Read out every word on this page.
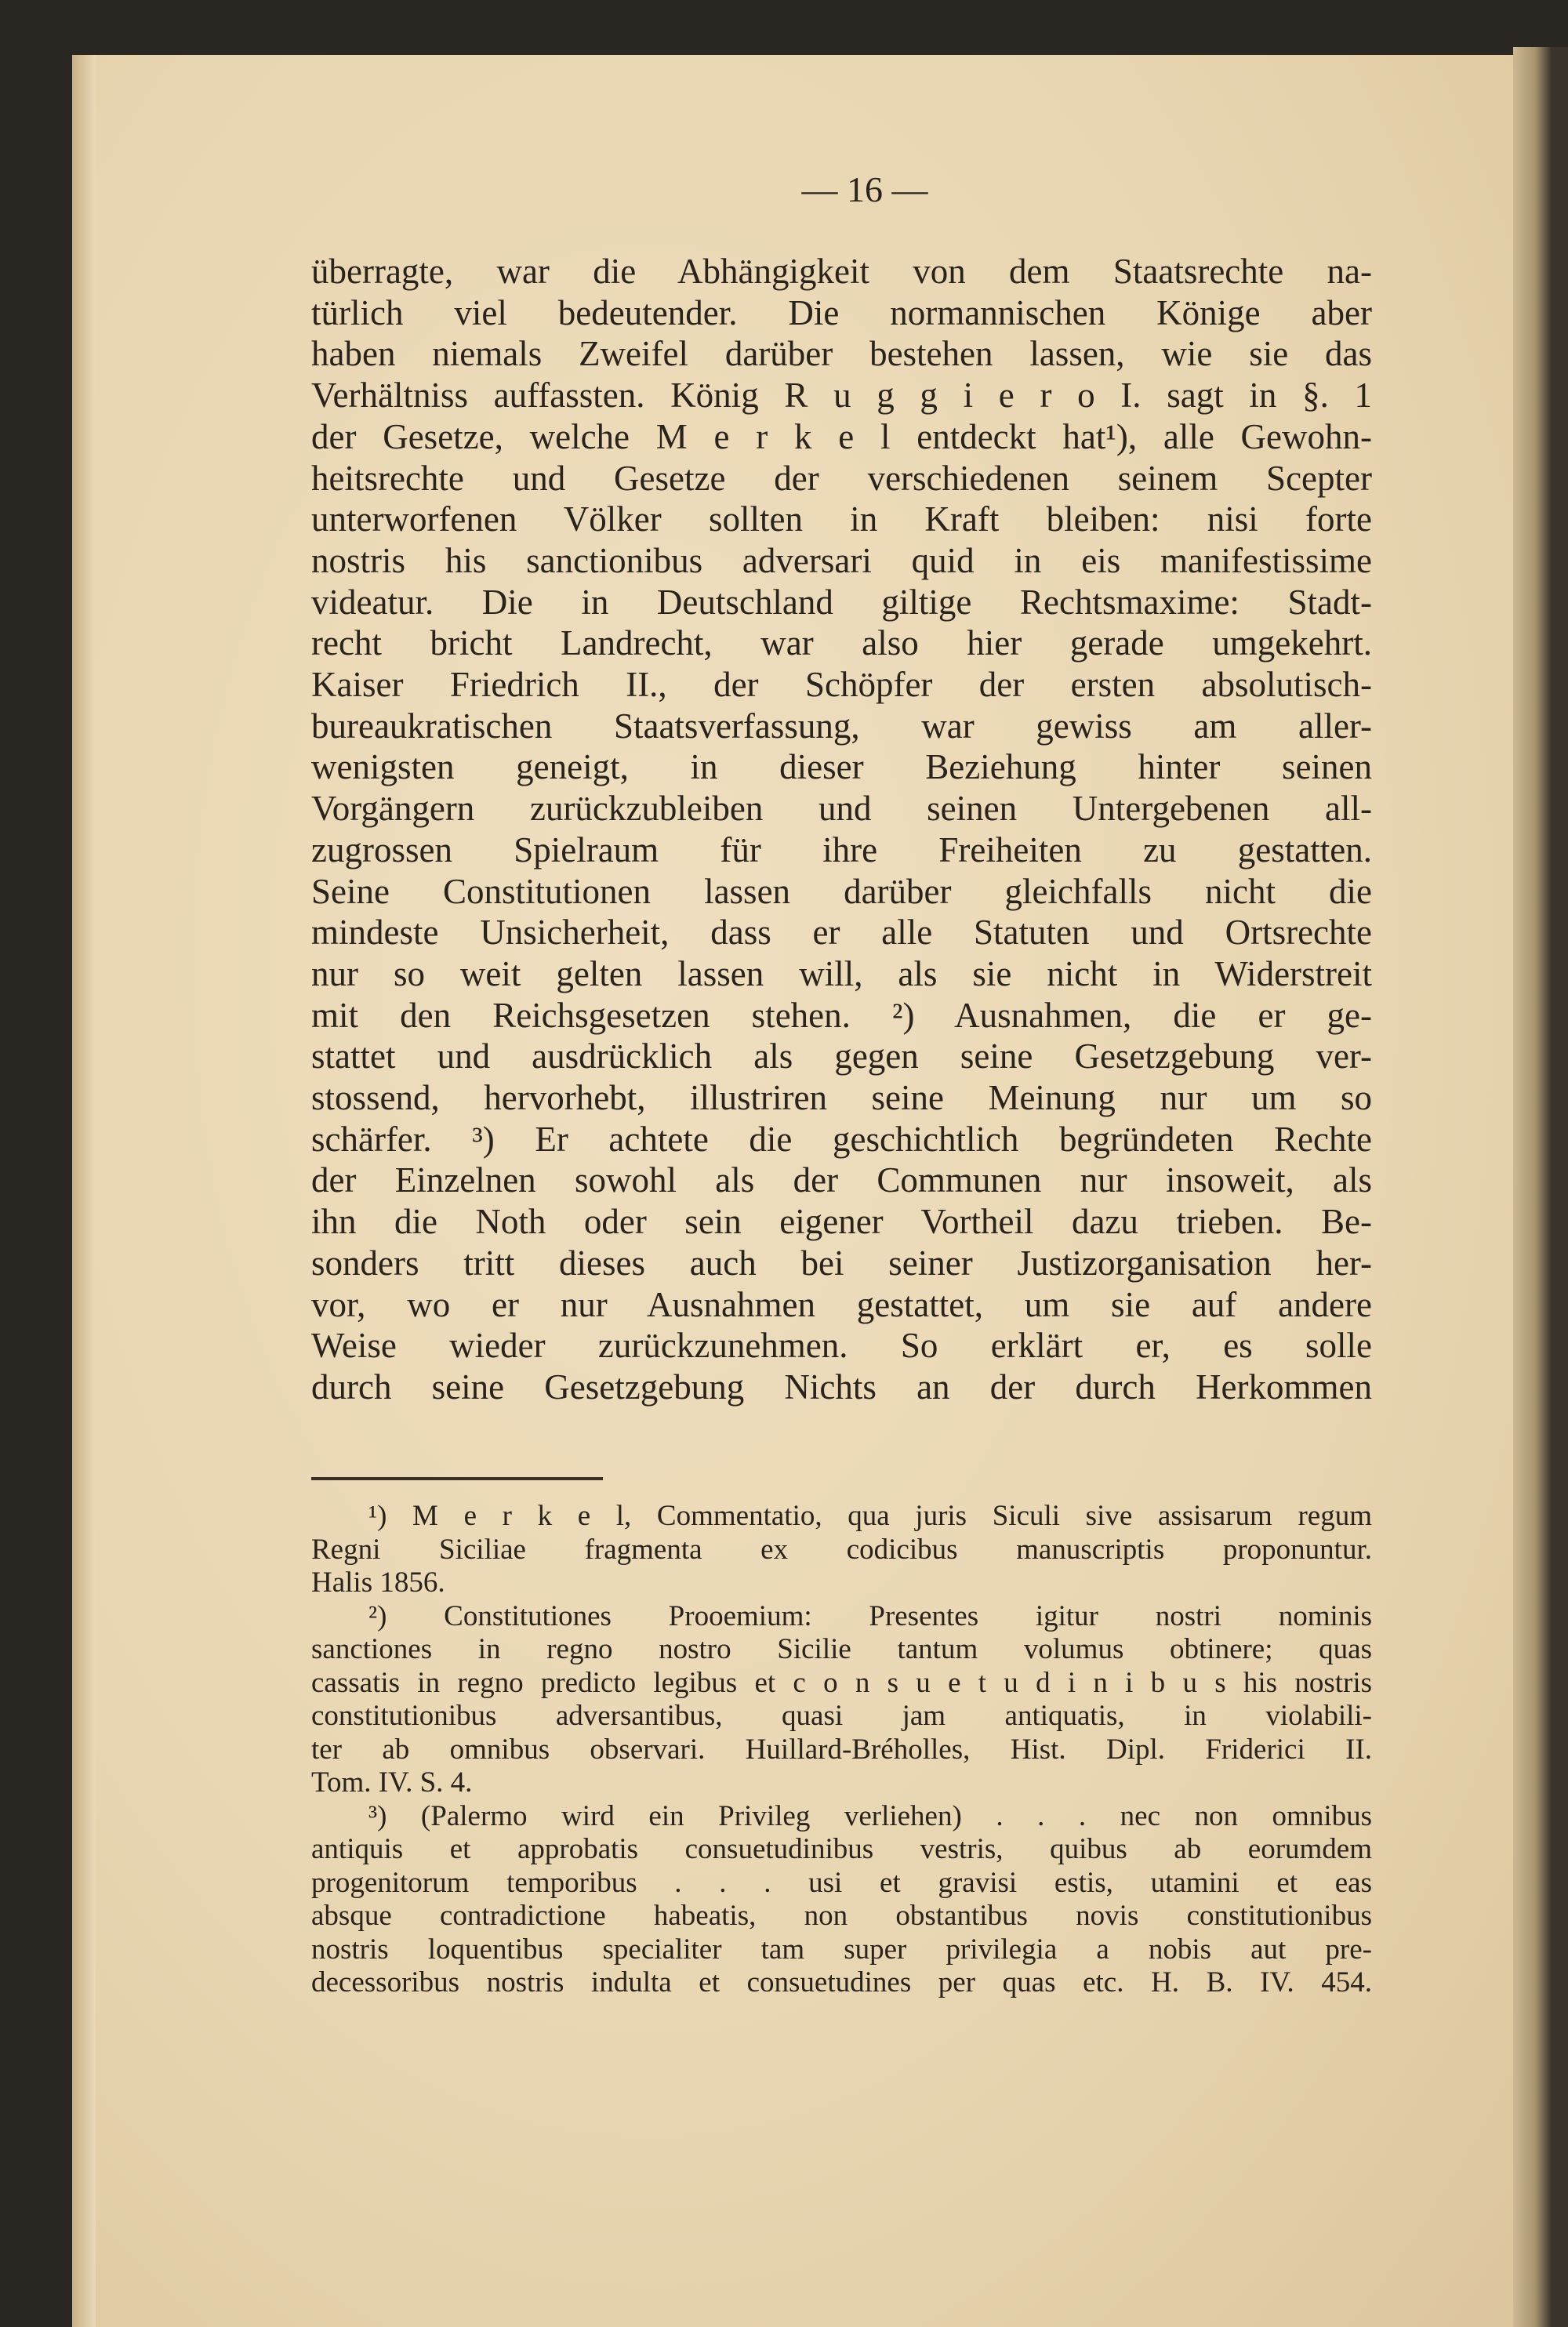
— 16 —
überragte, war die Abhängigkeit von dem Staatsrechte na-
türlich viel bedeutender. Die normannischen Könige aber
haben niemals Zweifel darüber bestehen lassen, wie sie das
Verhältniss auffassten. König R u g g i e r o I. sagt in §. 1
der Gesetze, welche M e r k e l entdeckt hat¹), alle Gewohn-
heitsrechte und Gesetze der verschiedenen seinem Scepter
unterworfenen Völker sollten in Kraft bleiben: nisi forte
nostris his sanctionibus adversari quid in eis manifestissime
videatur. Die in Deutschland giltige Rechtsmaxime: Stadt-
recht bricht Landrecht, war also hier gerade umgekehrt.
Kaiser Friedrich II., der Schöpfer der ersten absolutisch-
bureaukratischen Staatsverfassung, war gewiss am aller-
wenigsten geneigt, in dieser Beziehung hinter seinen
Vorgängern zurückzubleiben und seinen Untergebenen all-
zugrossen Spielraum für ihre Freiheiten zu gestatten.
Seine Constitutionen lassen darüber gleichfalls nicht die
mindeste Unsicherheit, dass er alle Statuten und Ortsrechte
nur so weit gelten lassen will, als sie nicht in Widerstreit
mit den Reichsgesetzen stehen. ²) Ausnahmen, die er ge-
stattet und ausdrücklich als gegen seine Gesetzgebung ver-
stossend, hervorhebt, illustriren seine Meinung nur um so
schärfer. ³) Er achtete die geschichtlich begründeten Rechte
der Einzelnen sowohl als der Communen nur insoweit, als
ihn die Noth oder sein eigener Vortheil dazu trieben. Be-
sonders tritt dieses auch bei seiner Justizorganisation her-
vor, wo er nur Ausnahmen gestattet, um sie auf andere
Weise wieder zurückzunehmen. So erklärt er, es solle
durch seine Gesetzgebung Nichts an der durch Herkommen
¹) M e r k e l, Commentatio, qua juris Siculi sive assisarum regum
Regni Siciliae fragmenta ex codicibus manuscriptis proponuntur.
Halis 1856.
²) Constitutiones Prooemium: Presentes igitur nostri nominis
sanctiones in regno nostro Sicilie tantum volumus obtinere; quas
cassatis in regno predicto legibus et c o n s u e t u d i n i b u s his nostris
constitutionibus adversantibus, quasi jam antiquatis, in violabili-
ter ab omnibus observari. Huillard-Bréholles, Hist. Dipl. Friderici II.
Tom. IV. S. 4.
³) (Palermo wird ein Privileg verliehen) . . . nec non omnibus
antiquis et approbatis consuetudinibus vestris, quibus ab eorumdem
progenitorum temporibus . . . usi et gravisi estis, utamini et eas
absque contradictione habeatis, non obstantibus novis constitutionibus
nostris loquentibus specialiter tam super privilegia a nobis aut pre-
decessoribus nostris indulta et consuetudines per quas etc. H. B. IV. 454.
